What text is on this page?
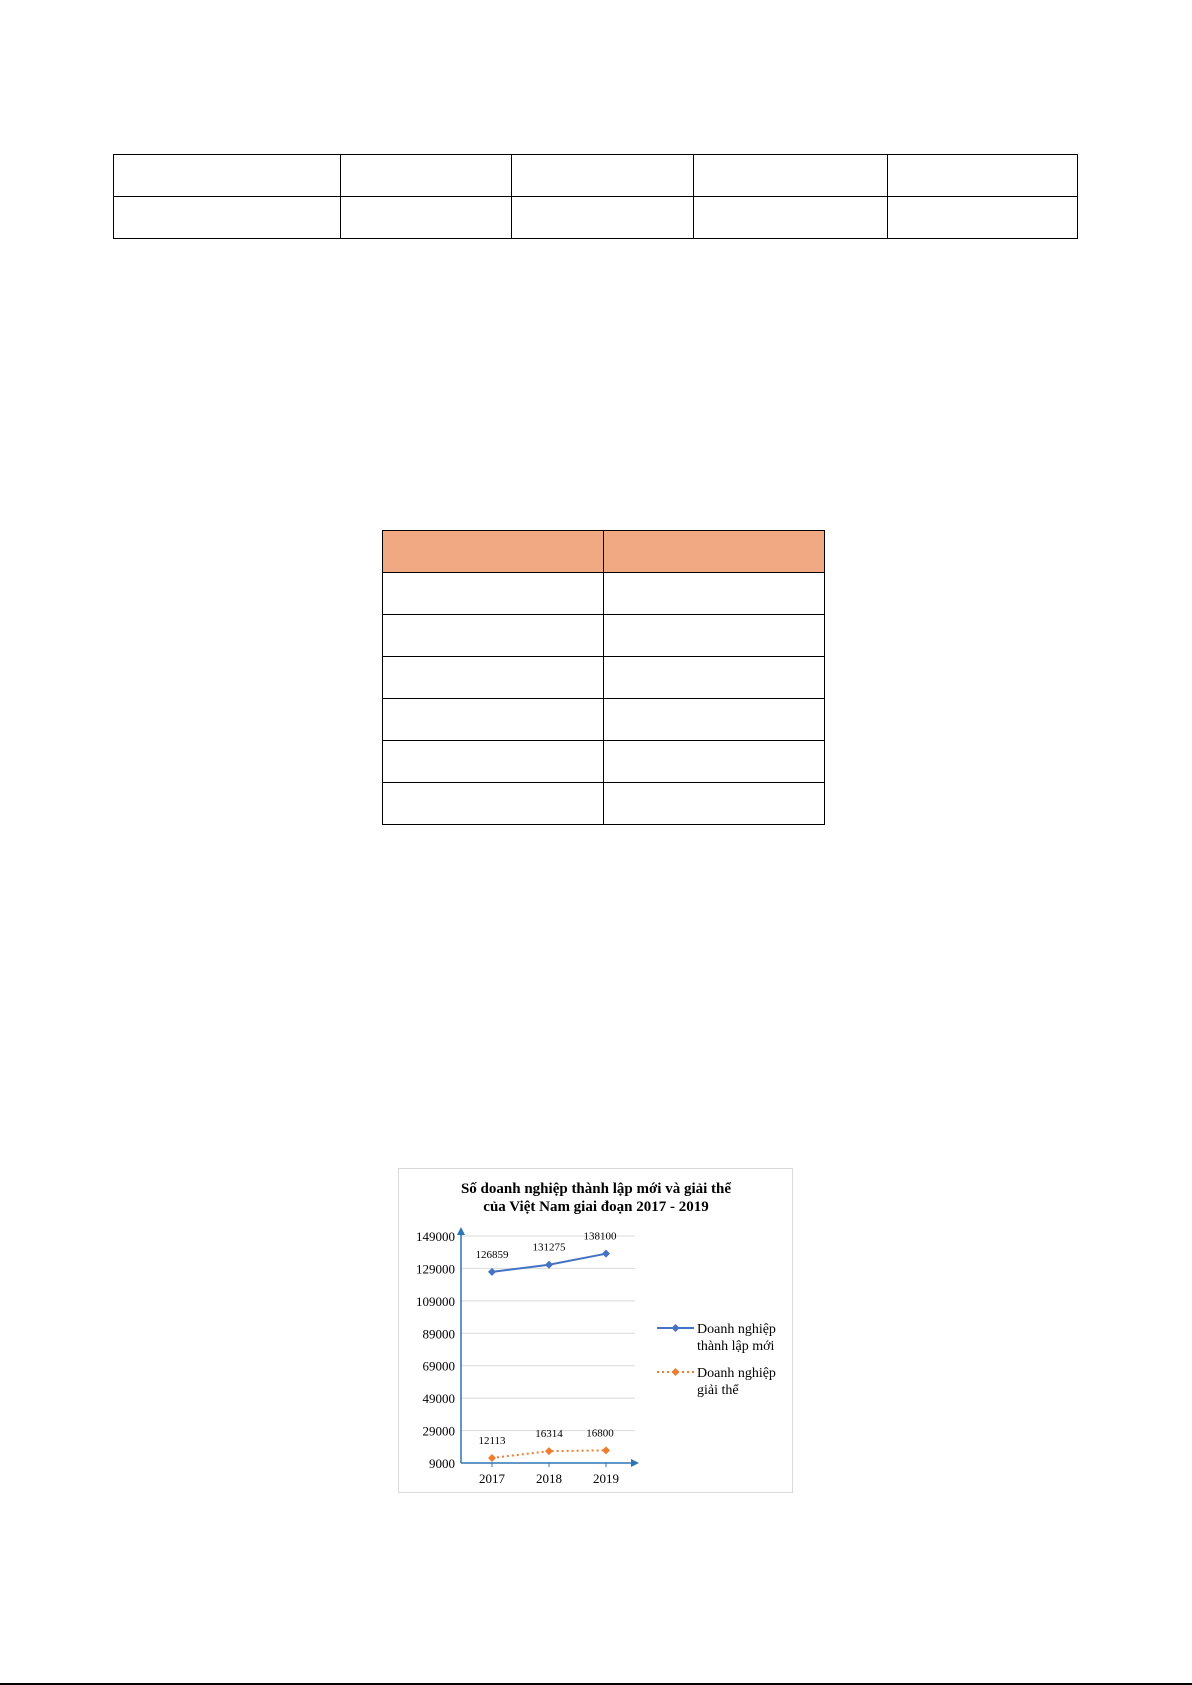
Số doanh nghiệp thành lập mới và giải thể
của Việt Nam giai đoạn 2017 - 2019
149000
129000
109000
89000
69000
49000
29000
9000
2017 2018 2019
126859
131275
138100
12113
16314 16800
Doanh nghiệp
thành lập mới
Doanh nghiệp
giải thể
